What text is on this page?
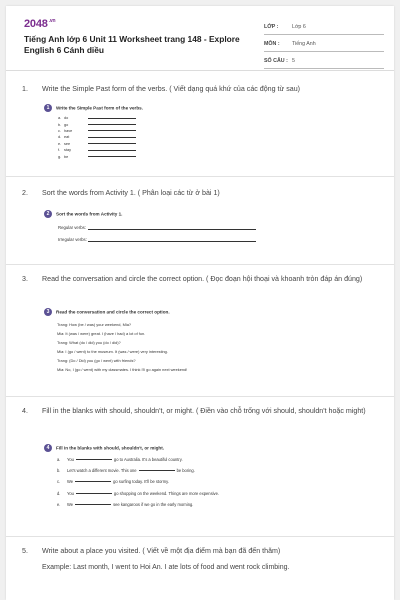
$2048^{.vn}$
Tiếng Anh lớp 6 Unit 11 Worksheet trang 148 - Explore English 6 Cánh diều
LỚP :	Lớp 6
MÔN :	Tiếng Anh
SỐ CÂU : 5
1.	Write the Simple Past form of the verbs. ( Viết dạng quá khứ của các động từ sau)
1 Write the Simple Past form of the verbs.
a. do
b. go
c. have
d. eat
e. see
f.	stay
g. be
2.	Sort the words from Activity 1. ( Phân loại các từ ở bài 1)
2 Sort the words from Activity 1.
Regular verbs:
Irregular verbs:
3.	Read the conversation and circle the correct option. ( Đọc đoạn hội thoại và khoanh tròn đáp án đúng)
3 Read the conversation and circle the correct option.
Trang: How (be / was) your weekend, Mia?
Mia: It (was / were) great. I (have / had) a lot of fun.
Trang: What (do / did) you (do / did)?
Mia: I (go / went) to the museum. It (was / were) very interesting.
Trang: (Do / Did) you (go / went) with friends?
Mia: No, I (go / went) with my classmates. I think I'll go again next weekend!
4.	Fill in the blanks with should, shouldn't, or might. ( Điền vào chỗ trống với should, shouldn't hoặc might)
4 Fill in the blanks with should, shouldn't, or might.
a.	You	go to Australia. It's a beautiful country.
b.	Let's watch a different movie. This one	be boring.
c.	We	go surfing today. It'll be stormy.
d.	You	go shopping on the weekend. Things are more expensive.
e.	We	see kangaroos if we go in the early morning.
5.	Write about a place you visited. ( Viết về một địa điểm mà bạn đã đến thăm)
Example: Last month, I went to Hoi An. I ate lots of food and went rock climbing.
